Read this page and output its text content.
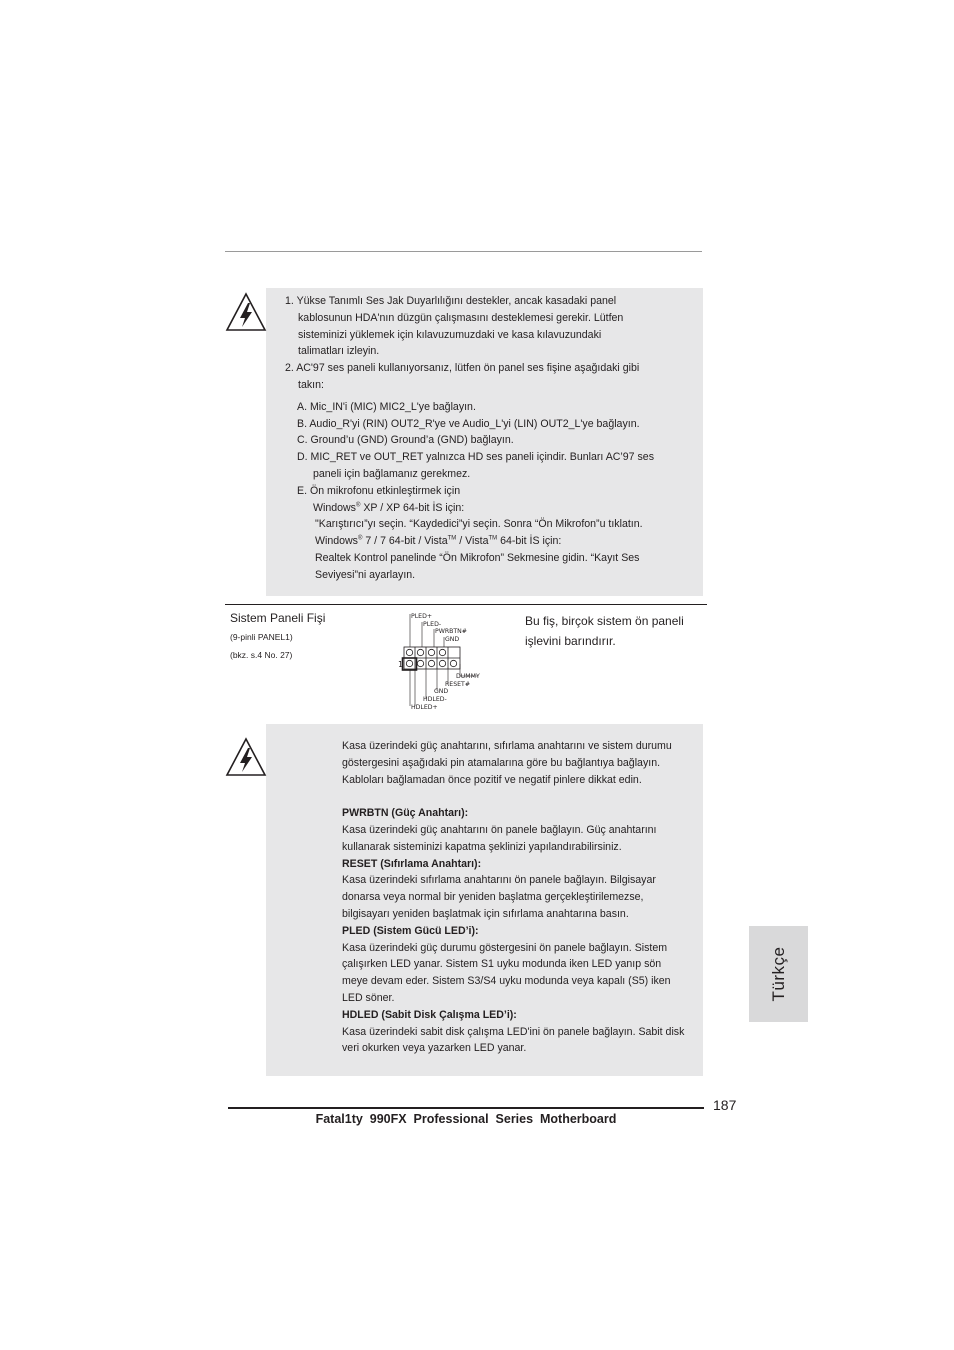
1. Yükse Tanımlı Ses Jak Duyarlılığını destekler, ancak kasadaki panel
kablosunun HDA'nın düzgün çalışmasını desteklemesi gerekir. Lütfen
sisteminizi yüklemek için kılavuzumuzdaki ve kasa kılavuzundaki
talimatları izleyin.
2. AC'97 ses paneli kullanıyorsanız, lütfen ön panel ses fişine aşağıdaki gibi
takın:
A. Mic_IN'i (MIC) MIC2_L'ye bağlayın.
B. Audio_R'yi (RIN) OUT2_R'ye ve Audio_L'yi (LIN) OUT2_L'ye bağlayın.
C. Ground’u (GND) Ground’a (GND) bağlayın.
D. MIC_RET ve OUT_RET yalnızca HD ses paneli içindir. Bunları AC’97 ses
paneli için bağlamanız gerekmez.
E. Ön mikrofonu etkinleştirmek için
Windows® XP / XP 64-bit İS için:
"Karıştırıcı”yı seçin. “Kaydedici”yi seçin. Sonra “Ön Mikrofon”u tıklatın.
Windows® 7 / 7 64-bit / Vista™ / Vista™ 64-bit İS için:
Realtek Kontrol panelinde “Ön Mikrofon” Sekmesine gidin. “Kayıt Ses
Seviyesi”ni ayarlayın.
Sistem Paneli Fişi
(9-pinli PANEL1)
(bkz. s.4 No. 27)
Bu fiş, birçok sistem ön paneli
işlevini barındırır.
PLED+
PLED-
PWRBTN#
GND
1
DUMMY
RESET#
GND
HDLED-
HDLED+
Kasa üzerindeki güç anahtarını, sıfırlama anahtarını ve sistem durumu
göstergesini aşağıdaki pin atamalarına göre bu bağlantıya bağlayın.
Kabloları bağlamadan önce pozitif ve negatif pinlere dikkat edin.
PWRBTN (Güç Anahtarı):
Kasa üzerindeki güç anahtarını ön panele bağlayın. Güç anahtarını
kullanarak sisteminizi kapatma şeklinizi yapılandırabilirsiniz.
RESET (Sıfırlama Anahtarı):
Kasa üzerindeki sıfırlama anahtarını ön panele bağlayın. Bilgisayar
donarsa veya normal bir yeniden başlatma gerçekleştirilemezse,
bilgisayarı yeniden başlatmak için sıfırlama anahtarına basın.
PLED (Sistem Gücü LED’i):
Kasa üzerindeki güç durumu göstergesini ön panele bağlayın. Sistem
çalışırken LED yanar. Sistem S1 uyku modunda iken LED yanıp sön
meye devam eder. Sistem S3/S4 uyku modunda veya kapalı (S5) iken
LED söner.
HDLED (Sabit Disk Çalışma LED’i):
Kasa üzerindeki sabit disk çalışma LED'ini ön panele bağlayın. Sabit disk
veri okurken veya yazarken LED yanar.
Türkçe
187
Fatal1ty  990FX  Professional  Series  Motherboard
